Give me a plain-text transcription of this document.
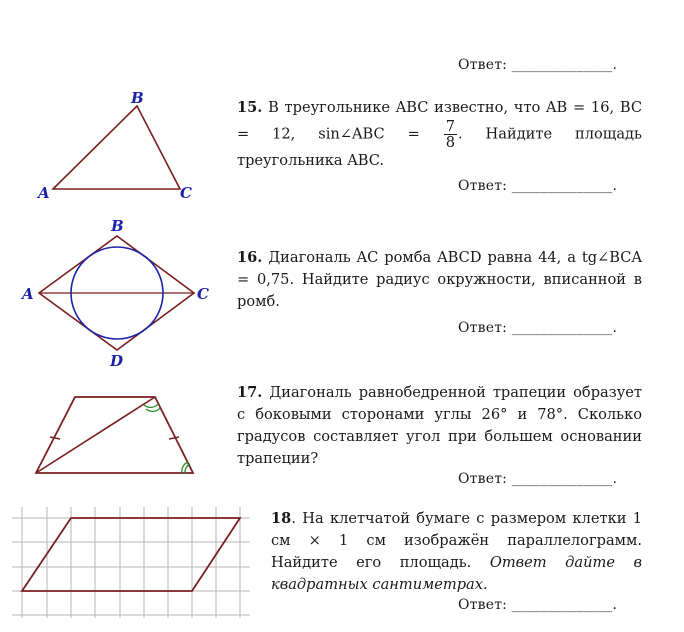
B
A	C
B
A	C
D
Ответ: ______________.
15. В треугольнике ABC известно, что AB = 16, BC = 12, sin∠ABC = $\frac{7}{8}$ . Найдите площадь треугольника ABC.
Ответ: ______________.
16. Диагональ AC ромба ABCD равна 44, а tg∠BCA = 0,75. Найдите радиус окружности, вписанной в ромб.
Ответ: ______________.
17. Диагональ равнобедренной трапеции образует с боковыми сторонами углы 26° и 78°. Сколько градусов составляет угол при большем основании трапеции?
Ответ: ______________.
18. На клетчатой бумаге с размером клетки 1 см × 1 см изображён параллелограмм. Найдите его площадь. Ответ дайте в квадратных сантиметрах.
Ответ: ______________.
